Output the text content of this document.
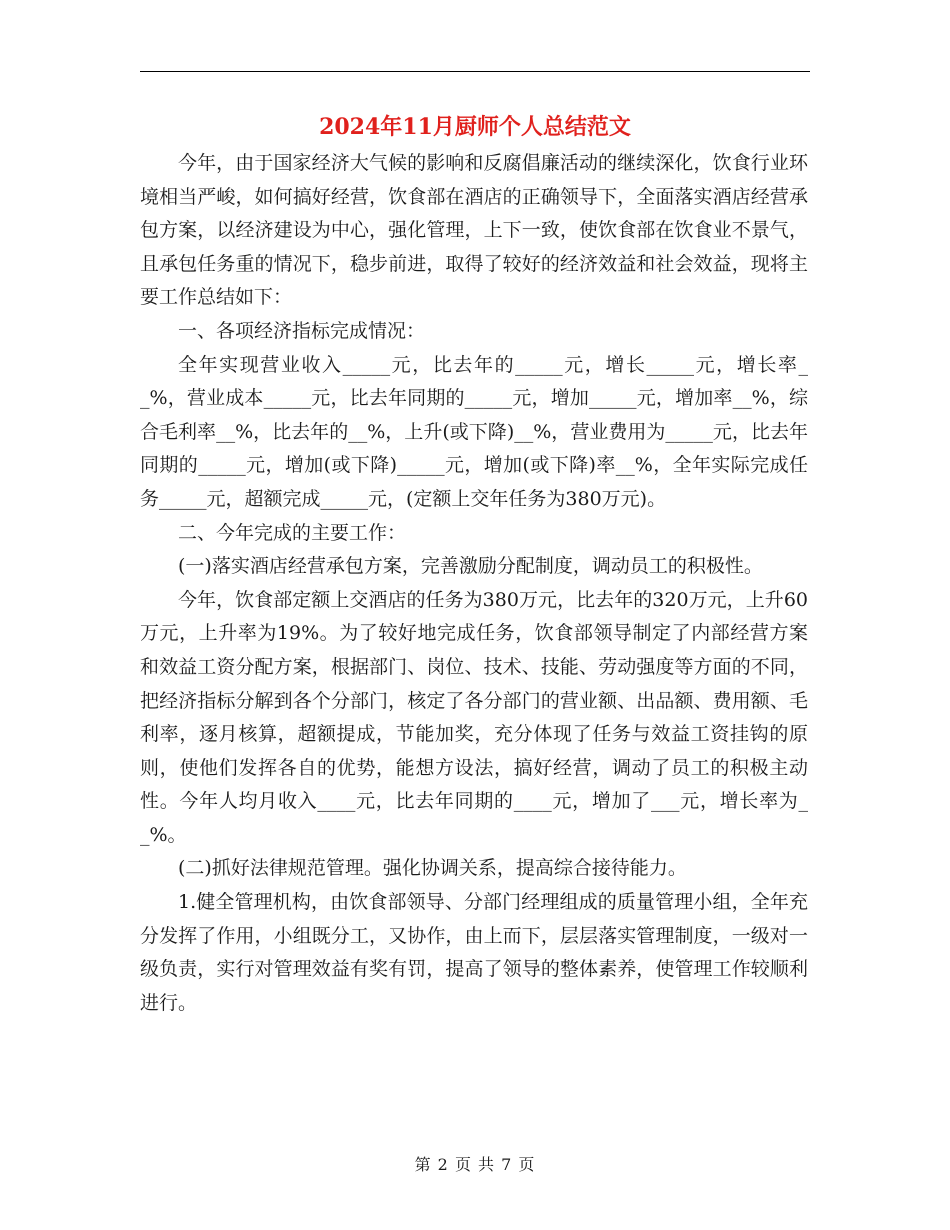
2024年11月厨师个人总结范文

今年，由于国家经济大气候的影响和反腐倡廉活动的继续深化，饮食行业环境相当严峻，如何搞好经营，饮食部在酒店的正确领导下，全面落实酒店经营承包方案，以经济建设为中心，强化管理，上下一致，使饮食部在饮食业不景气，且承包任务重的情况下，稳步前进，取得了较好的经济效益和社会效益，现将主要工作总结如下：

一、各项经济指标完成情况：

全年实现营业收入_____元，比去年的_____元，增长_____元，增长率__%，营业成本_____元，比去年同期的_____元，增加_____元，增加率__%，综合毛利率__%，比去年的__%，上升(或下降)__%，营业费用为_____元，比去年同期的_____元，增加(或下降)_____元，增加(或下降)率__%，全年实际完成任务_____元，超额完成_____元，(定额上交年任务为380万元)。

二、今年完成的主要工作：

(一)落实酒店经营承包方案，完善激励分配制度，调动员工的积极性。

今年，饮食部定额上交酒店的任务为380万元，比去年的320万元，上升60万元，上升率为19%。为了较好地完成任务，饮食部领导制定了内部经营方案和效益工资分配方案，根据部门、岗位、技术、技能、劳动强度等方面的不同，把经济指标分解到各个分部门，核定了各分部门的营业额、出品额、费用额、毛利率，逐月核算，超额提成，节能加奖，充分体现了任务与效益工资挂钩的原则，使他们发挥各自的优势，能想方设法，搞好经营，调动了员工的积极主动性。今年人均月收入____元，比去年同期的____元，增加了___元，增长率为__%。

(二)抓好法律规范管理。强化协调关系，提高综合接待能力。

1.健全管理机构，由饮食部领导、分部门经理组成的质量管理小组，全年充分发挥了作用，小组既分工，又协作，由上而下，层层落实管理制度，一级对一级负责，实行对管理效益有奖有罚，提高了领导的整体素养，使管理工作较顺利进行。

第 2 页 共 7 页
